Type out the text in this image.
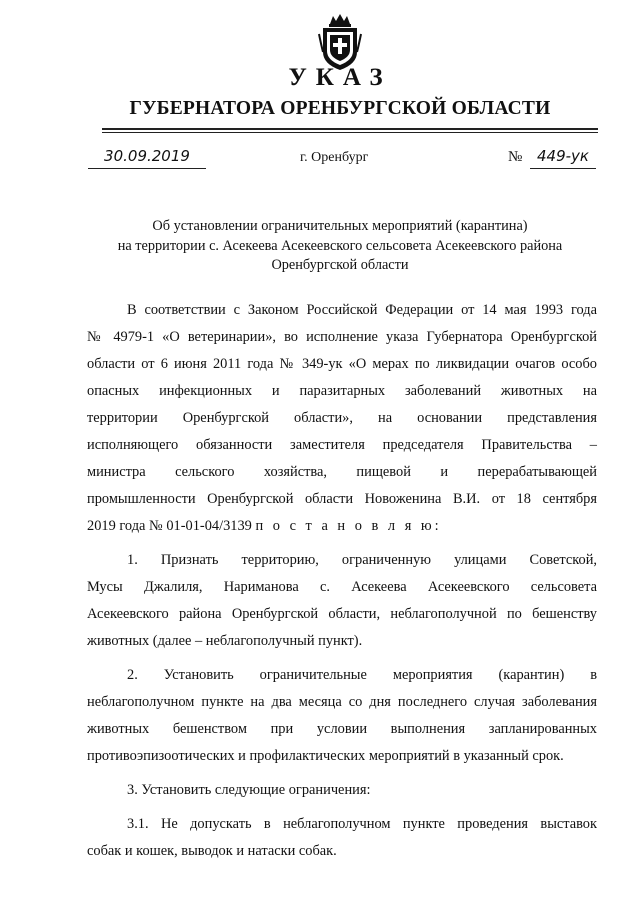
УКАЗ
ГУБЕРНАТОРА ОРЕНБУРГСКОЙ ОБЛАСТИ
30.09.2019	г. Оренбург	№ 449-ук
Об установлении ограничительных мероприятий (карантина)
на территории с. Асекеева Асекеевского сельсовета Асекеевского района
Оренбургской области
В соответствии с Законом Российской Федерации от 14 мая 1993 года
№ 4979-1 «О ветеринарии», во исполнение указа Губернатора Оренбургской
области от 6 июня 2011 года № 349-ук «О мерах по ликвидации очагов особо
опасных инфекционных и паразитарных заболеваний животных на
территории Оренбургской области», на основании представления
исполняющего обязанности заместителя председателя Правительства –
министра сельского хозяйства, пищевой и перерабатывающей
промышленности Оренбургской области Новоженина В.И. от 18 сентября
2019 года № 01-01-04/3139 п о с т а н о в л я ю:
1. Признать территорию, ограниченную улицами Советской,
Мусы Джалиля, Нариманова с. Асекеева Асекеевского сельсовета
Асекеевского района Оренбургской области, неблагополучной по бешенству
животных (далее – неблагополучный пункт).
2. Установить ограничительные мероприятия (карантин) в
неблагополучном пункте на два месяца со дня последнего случая заболевания
животных бешенством при условии выполнения запланированных
противоэпизоотических и профилактических мероприятий в указанный срок.
3. Установить следующие ограничения:
3.1. Не допускать в неблагополучном пункте проведения выставок
собак и кошек, выводок и натаски собак.
